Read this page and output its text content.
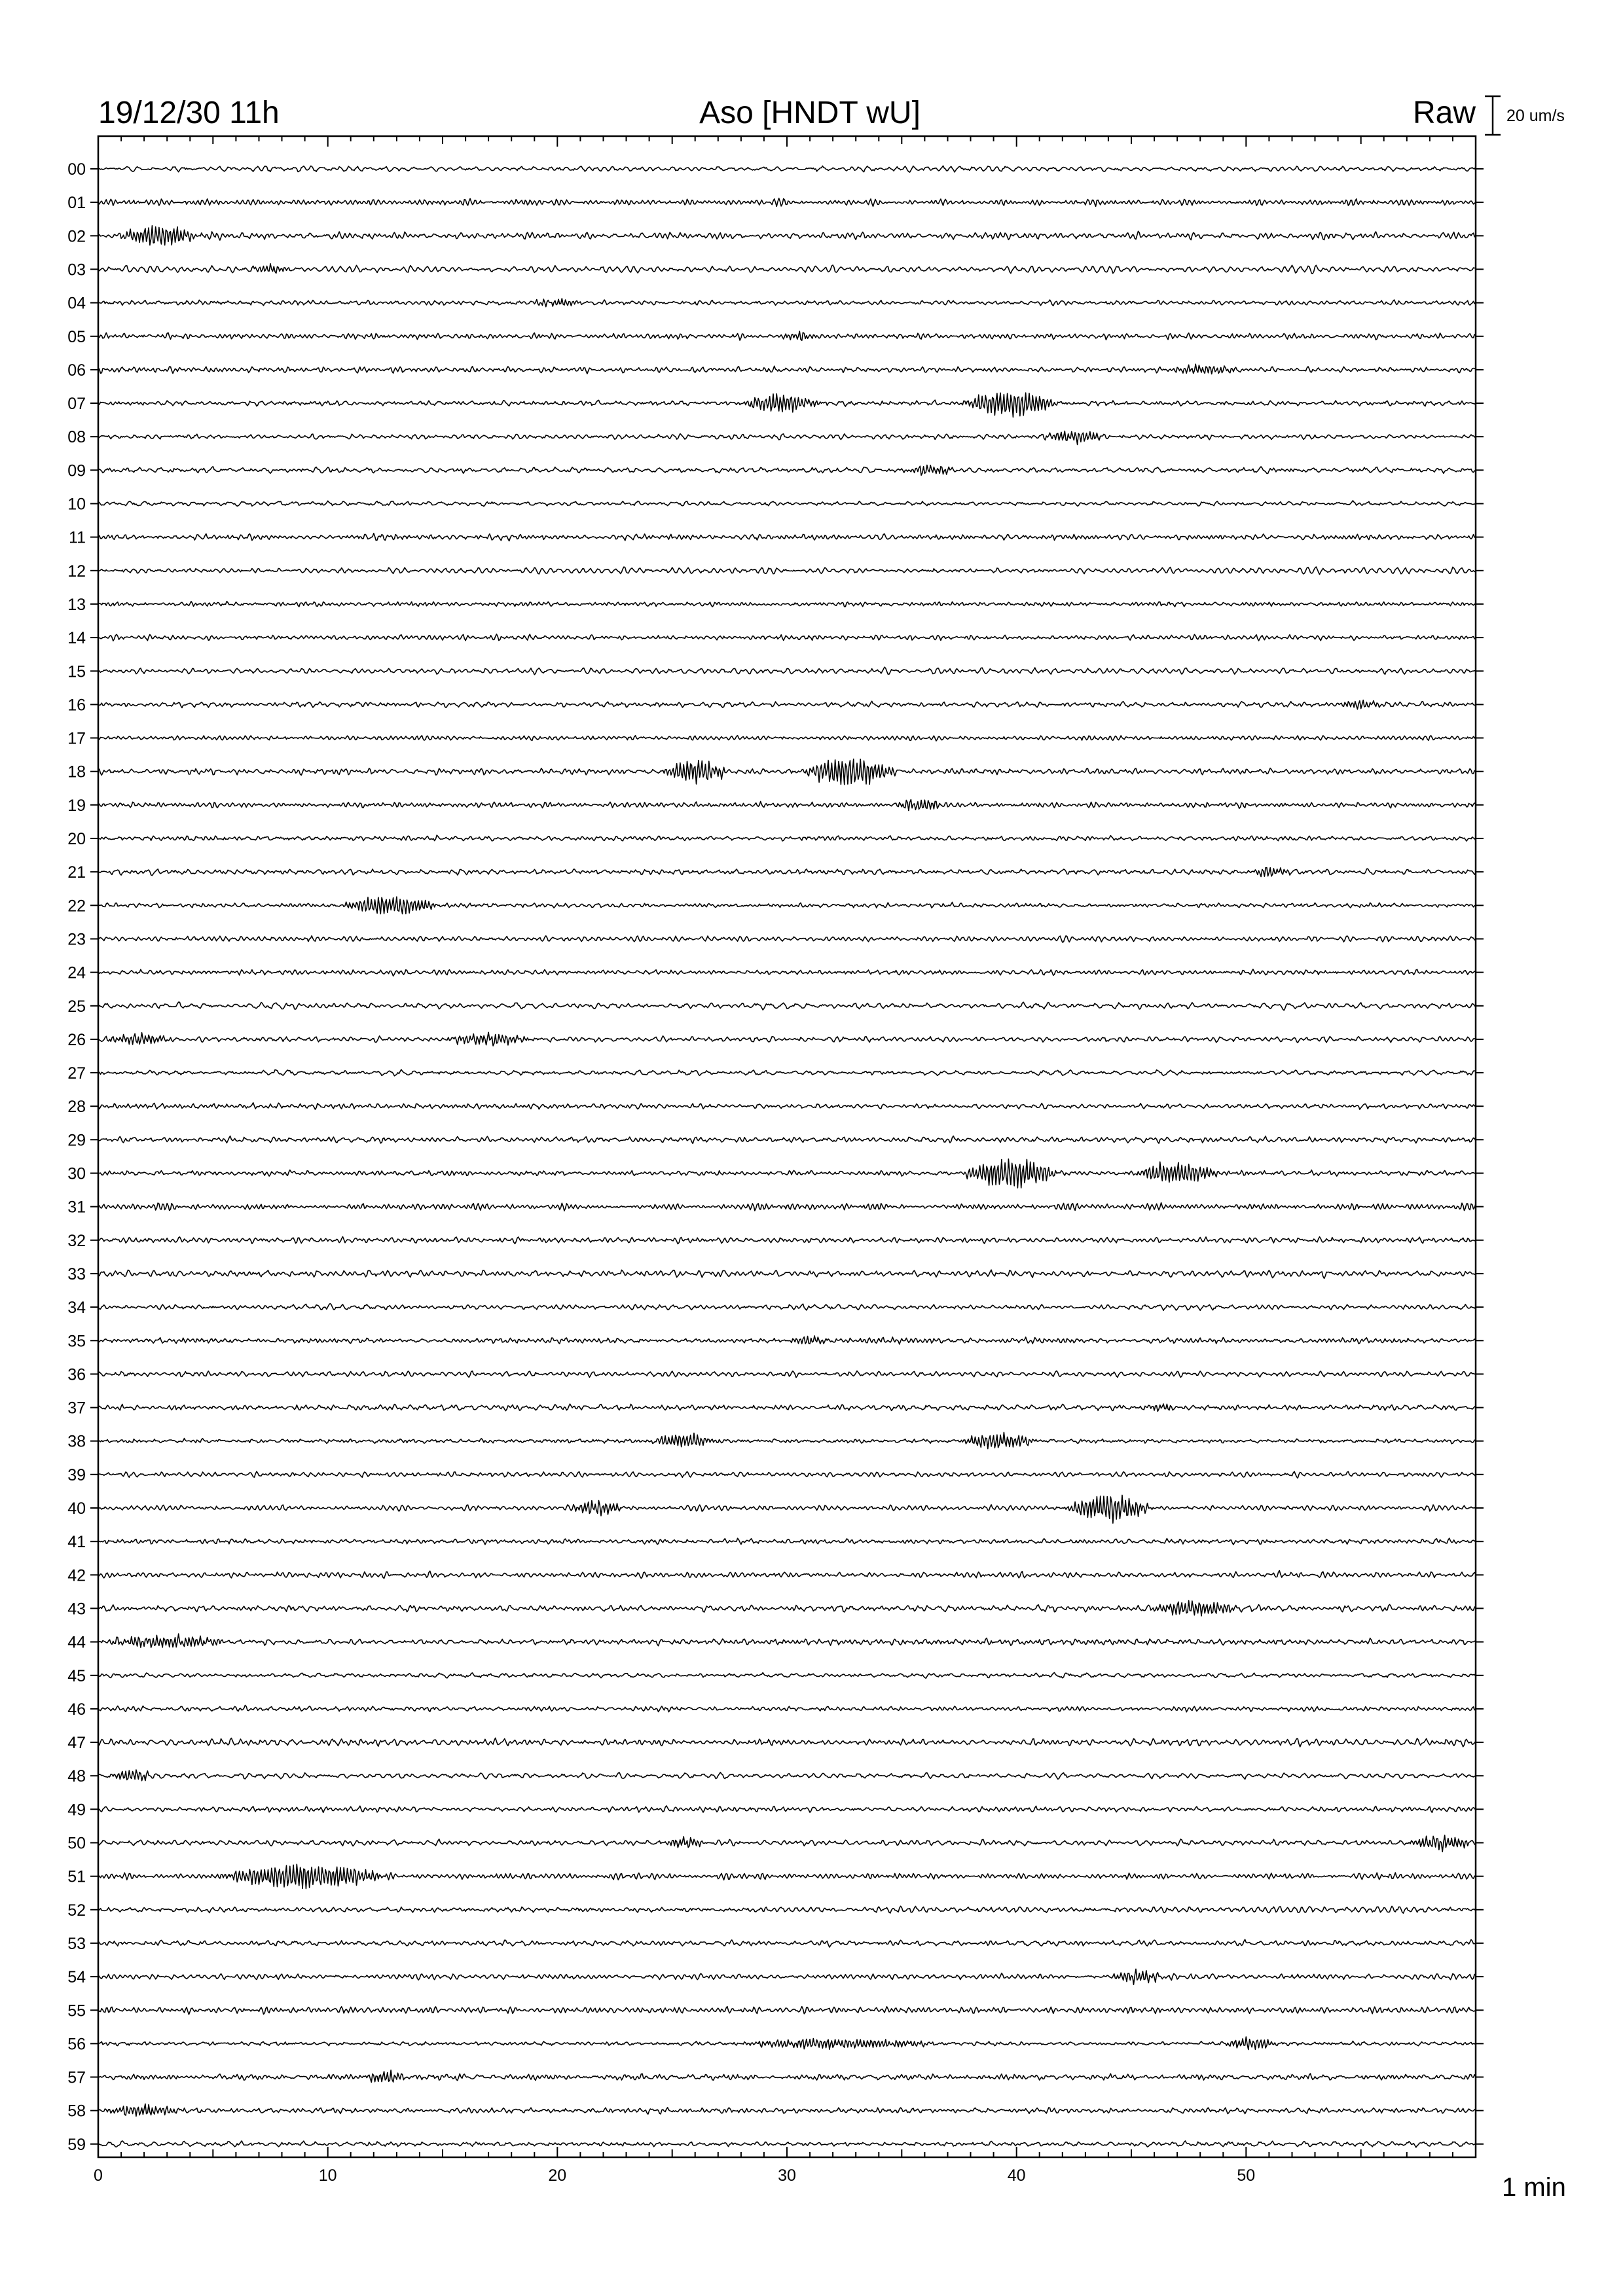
19/12/30 11h	Aso [HNDT wU]	Raw 20 um/s
00
01
02
03
04
05
06
07
08
09
10
11
12
13
14
15
16
17
18
19
20
21
22
23
24
25
26
27
28
29
30
31
32
33
34
35
36
37
38
39
40
41
42
43
44
45
46
47
48
49
50
51
52
53
54
55
56
57
58
59
0	10	20	30	40	50	1 min
